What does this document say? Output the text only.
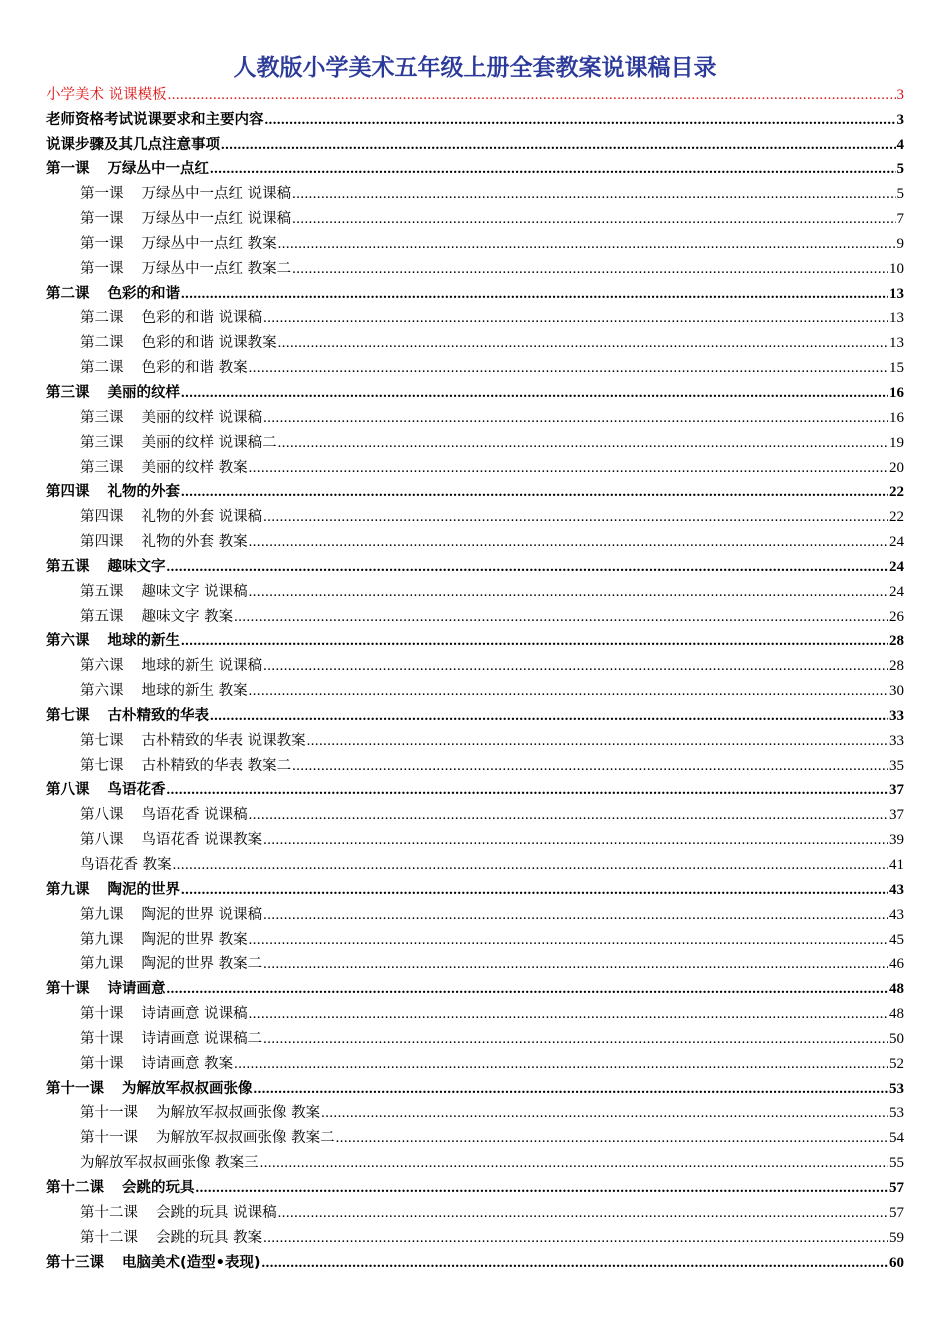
人教版小学美术五年级上册全套教案说课稿目录
小学美术 说课模板 .....	3
老师资格考试说课要求和主要内容 .....	3
说课步骤及其几点注意事项 .....	4
第一课 万绿丛中一点红 .....	5
第一课 万绿丛中一点红 说课稿 .....	5
第一课 万绿丛中一点红 说课稿 .....	7
第一课 万绿丛中一点红 教案 .....	9
第一课 万绿丛中一点红 教案二 .....	10
第二课 色彩的和谐 .....	13
第二课 色彩的和谐 说课稿 .....	13
第二课 色彩的和谐 说课教案 .....	13
第二课 色彩的和谐 教案 .....	15
第三课 美丽的纹样 .....	16
第三课 美丽的纹样 说课稿 .....	16
第三课 美丽的纹样 说课稿二 .....	19
第三课 美丽的纹样 教案 .....	20
第四课 礼物的外套 .....	22
第四课 礼物的外套 说课稿 .....	22
第四课 礼物的外套 教案 .....	24
第五课 趣味文字 .....	24
第五课 趣味文字 说课稿 .....	24
第五课 趣味文字 教案 .....	26
第六课 地球的新生 .....	28
第六课 地球的新生 说课稿 .....	28
第六课 地球的新生 教案 .....	30
第七课 古朴精致的华表 .....	33
第七课 古朴精致的华表 说课教案 .....	33
第七课 古朴精致的华表 教案二 .....	35
第八课 鸟语花香 .....	37
第八课 鸟语花香 说课稿 .....	37
第八课 鸟语花香 说课教案 .....	39
鸟语花香 教案 .....	41
第九课 陶泥的世界 .....	43
第九课 陶泥的世界 说课稿 .....	43
第九课 陶泥的世界 教案 .....	45
第九课 陶泥的世界 教案二 .....	46
第十课 诗请画意 .....	48
第十课 诗请画意 说课稿 .....	48
第十课 诗请画意 说课稿二 .....	50
第十课 诗请画意 教案 .....	52
第十一课 为解放军叔叔画张像 .....	53
第十一课 为解放军叔叔画张像 教案 .....	53
第十一课 为解放军叔叔画张像 教案二 .....	54
为解放军叔叔画张像 教案三 .....	55
第十二课 会跳的玩具 .....	57
第十二课 会跳的玩具 说课稿 .....	57
第十二课 会跳的玩具 教案 .....	59
第十三课 电脑美术(造型•表现) .....	60
